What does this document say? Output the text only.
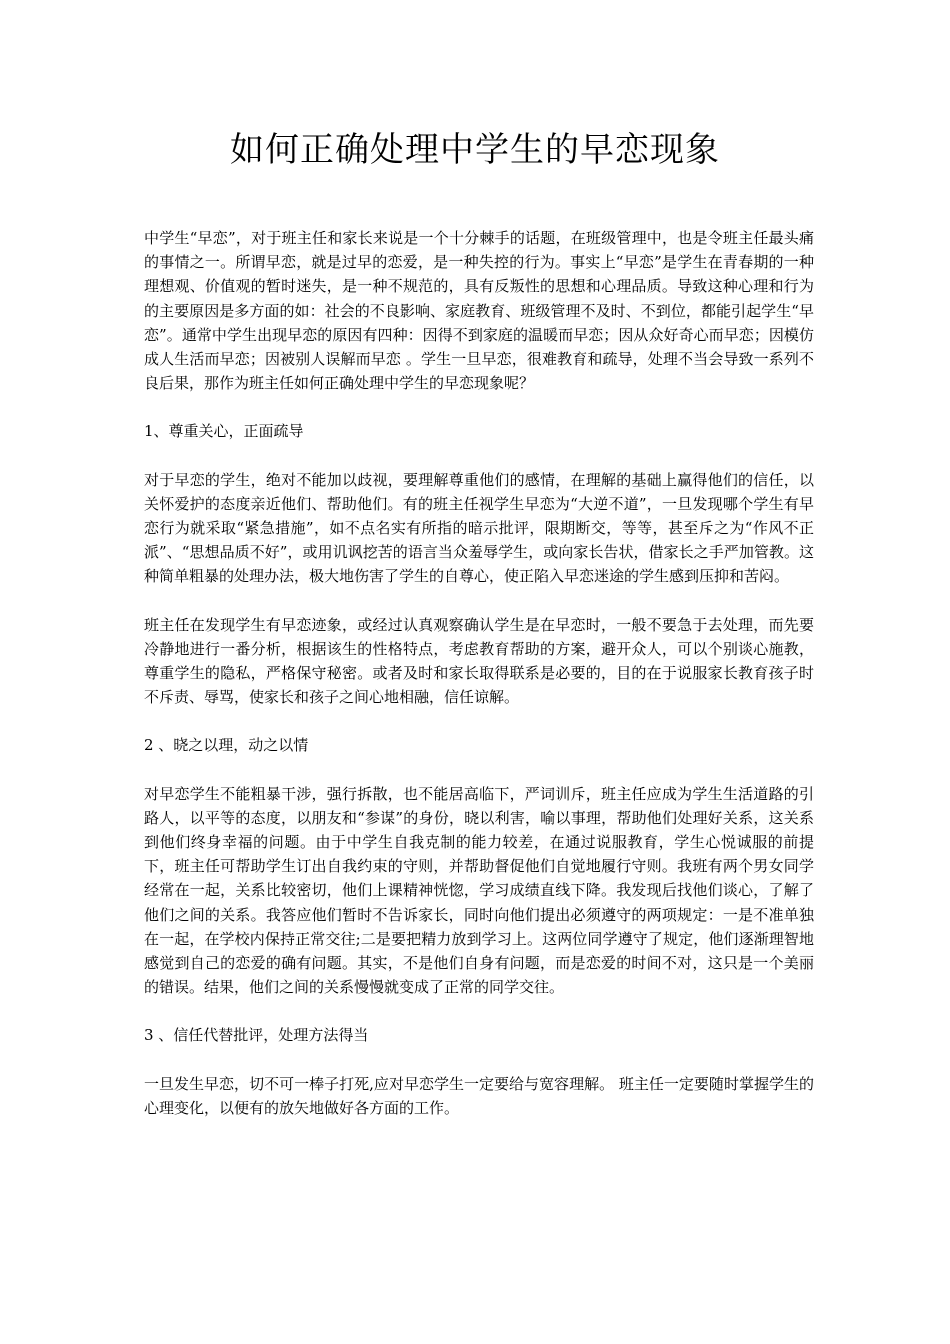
如何正确处理中学生的早恋现象

中学生“早恋”，对于班主任和家长来说是一个十分棘手的话题，在班级管理中，也是令班主任最头痛的事情之一。所谓早恋，就是过早的恋爱，是一种失控的行为。事实上“早恋”是学生在青春期的一种理想观、价值观的暂时迷失，是一种不规范的，具有反叛性的思想和心理品质。导致这种心理和行为的主要原因是多方面的如：社会的不良影响、家庭教育、班级管理不及时、不到位，都能引起学生“早恋”。通常中学生出现早恋的原因有四种：因得不到家庭的温暖而早恋；因从众好奇心而早恋；因模仿成人生活而早恋；因被别人误解而早恋 。学生一旦早恋，很难教育和疏导，处理不当会导致一系列不良后果，那作为班主任如何正确处理中学生的早恋现象呢？

1、尊重关心，正面疏导

对于早恋的学生，绝对不能加以歧视，要理解尊重他们的感情，在理解的基础上赢得他们的信任，以关怀爱护的态度亲近他们、帮助他们。有的班主任视学生早恋为“大逆不道”，一旦发现哪个学生有早恋行为就采取“紧急措施”，如不点名实有所指的暗示批评，限期断交，等等，甚至斥之为“作风不正派”、“思想品质不好”，或用讥讽挖苦的语言当众羞辱学生，或向家长告状，借家长之手严加管教。这种简单粗暴的处理办法，极大地伤害了学生的自尊心，使正陷入早恋迷途的学生感到压抑和苦闷。

班主任在发现学生有早恋迹象，或经过认真观察确认学生是在早恋时，一般不要急于去处理，而先要冷静地进行一番分析，根据该生的性格特点，考虑教育帮助的方案，避开众人，可以个别谈心施教，尊重学生的隐私，严格保守秘密。或者及时和家长取得联系是必要的，目的在于说服家长教育孩子时不斥责、辱骂，使家长和孩子之间心地相融，信任谅解。

2 、晓之以理，动之以情

对早恋学生不能粗暴干涉，强行拆散，也不能居高临下，严词训斥，班主任应成为学生生活道路的引路人，以平等的态度，以朋友和“参谋”的身份，晓以利害，喻以事理，帮助他们处理好关系，这关系到他们终身幸福的问题。由于中学生自我克制的能力较差，在通过说服教育，学生心悦诚服的前提下，班主任可帮助学生订出自我约束的守则，并帮助督促他们自觉地履行守则。我班有两个男女同学经常在一起，关系比较密切，他们上课精神恍惚，学习成绩直线下降。我发现后找他们谈心，了解了他们之间的关系。我答应他们暂时不告诉家长，同时向他们提出必须遵守的两项规定：一是不准单独在一起，在学校内保持正常交往;二是要把精力放到学习上。这两位同学遵守了规定，他们逐渐理智地感觉到自己的恋爱的确有问题。其实，不是他们自身有问题，而是恋爱的时间不对，这只是一个美丽的错误。结果，他们之间的关系慢慢就变成了正常的同学交往。

3 、信任代替批评，处理方法得当

一旦发生早恋，切不可一棒子打死,应对早恋学生一定要给与宽容理解。 班主任一定要随时掌握学生的心理变化，以便有的放矢地做好各方面的工作。
